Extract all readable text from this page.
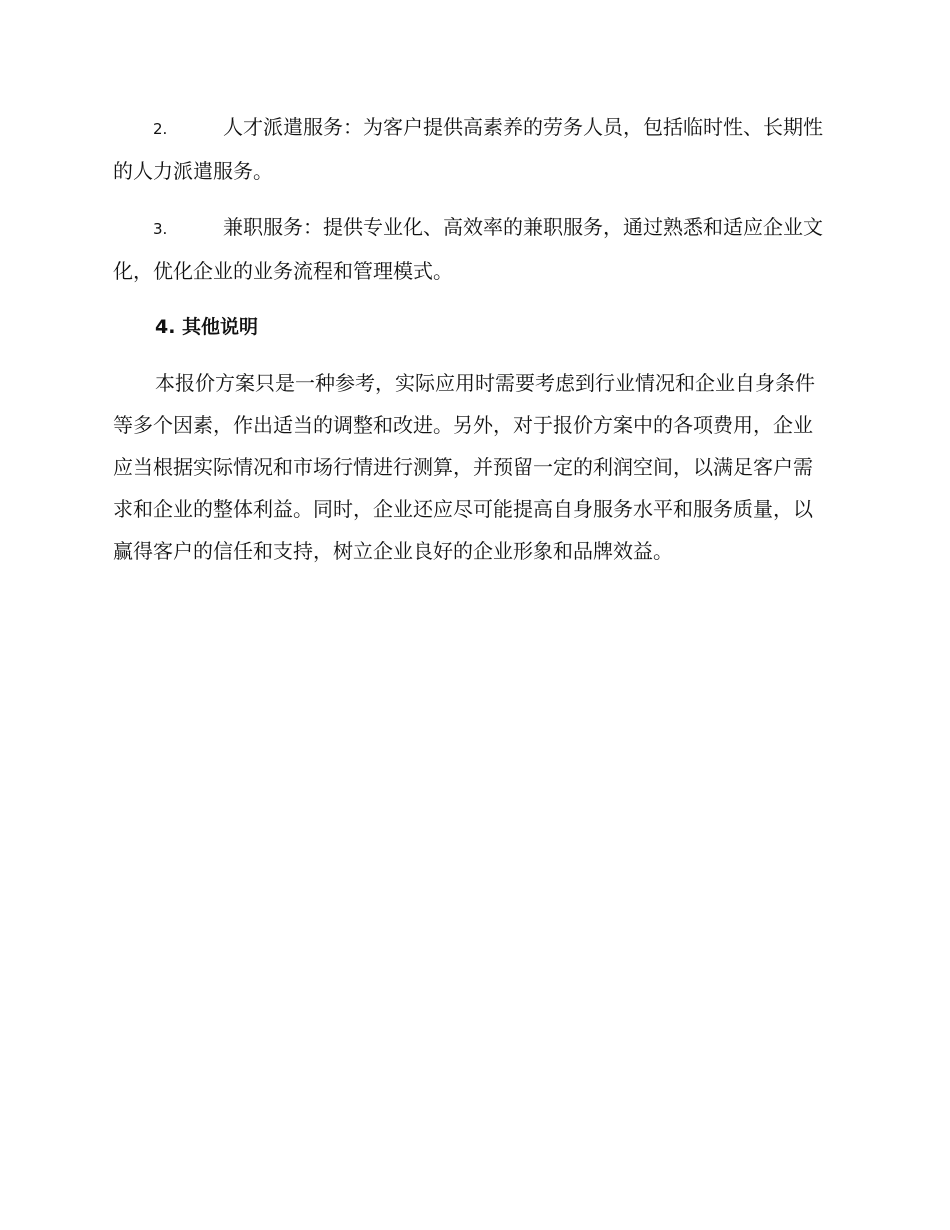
2.	人才派遣服务：为客户提供高素养的劳务人员，包括临时性、长期性的人力派遣服务。

3.	兼职服务：提供专业化、高效率的兼职服务，通过熟悉和适应企业文化，优化企业的业务流程和管理模式。

4. 其他说明

本报价方案只是一种参考，实际应用时需要考虑到行业情况和企业自身条件等多个因素，作出适当的调整和改进。另外，对于报价方案中的各项费用，企业应当根据实际情况和市场行情进行测算，并预留一定的利润空间，以满足客户需求和企业的整体利益。同时，企业还应尽可能提高自身服务水平和服务质量，以赢得客户的信任和支持，树立企业良好的企业形象和品牌效益。
